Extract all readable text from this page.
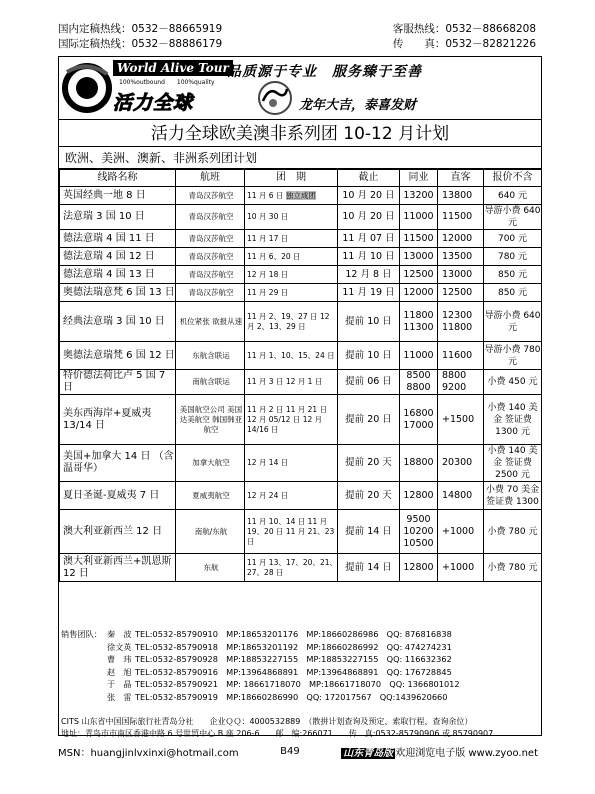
国内定稿热线：0532－88665919	客服热线：0532－88668208
国际定稿热线：0532－88886179	传　　真：0532－82821226
World Alive Tour
100%outbound　　100%quality
活力全球
品质源于专业　服务臻于至善
龙年大吉，泰喜发财
活力全球欧美澳非系列团 10-12 月计划
欧洲、美洲、澳新、非洲系列团计划
线路名称	航班	团　期	截止	同业	直客	报价不含
英国经典一地 8 日	青岛汉莎航空	11 月 6 日 独立成团	10 月 20 日	13200	13800	640 元
法意瑞 3 国 10 日	青岛汉莎航空	10 月 30 日	10 月 20 日	11000	11500	导游小费 640 元
德法意瑞 4 国 11 日	青岛汉莎航空	11 月 17 日	11 月 07 日	11500	12000	700 元
德法意瑞 4 国 12 日	青岛汉莎航空	11 月 6、20 日	11 月 10 日	13000	13500	780 元
德法意瑞 4 国 13 日	青岛汉莎航空	12 月 18 日	12 月 8 日	12500	13000	850 元
奥德法瑞意梵 6 国 13 日	青岛汉莎航空	11 月 29 日	11 月 19 日	12000	12500	850 元
经典法意瑞 3 国 10 日	机位紧张 欲报从速	11 月 2、19、27 日 12 月 2、13、29 日	提前 10 日	11800 11300	12300 11800	导游小费 640 元
奥德法意瑞梵 6 国 12 日	东航含联运	11 月 1、10、15、24 日	提前 10 日	11000	11600	导游小费 780 元
特价德法荷比卢 5 国 7 日	南航含联运	11 月 3 日 12 月 1 日	提前 06 日	8500 8800	8800 9200	小费 450 元
美东西海岸+夏威夷 13/14 日	美国航空公司 美国达美航空 韩国韩亚航空	11 月 2 日 11 月 21 日 12 月 05/12 日 12 月 14/16 日	提前 20 日	16800 17000	+1500	小费 140 美金 签证费 1300 元
美国+加拿大 14 日 （含温哥华）	加拿大航空	12 月 14 日	提前 20 天	18800	20300	小费 140 美金 签证费 2500 元
夏日圣诞-夏威夷 7 日	夏威夷航空	12 月 24 日	提前 20 天	12800	14800	小费 70 美金 签证费 1300
澳大利亚新西兰 12 日	南航/东航	11 月 10、14 日 11 月 19、20 日 11 月 21、23 日	提前 14 日	9500 10200 10500	+1000	小费 780 元
澳大利亚新西兰+凯恩斯 12 日	东航	11 月 13、17、20、21、27、28 日	提前 14 日	12800	+1000	小费 780 元
销售团队： 秦　波 TEL:0532-85790910　MP:18653201176　MP:18660286986　QQ: 876816838
徐文英 TEL:0532-85790918　MP:18653201192　MP:18660286992　QQ: 474274231
曹　玮 TEL:0532-85790928　MP:18853227155　MP:18853227155　QQ: 116632362
赵　旭 TEL:0532-85790916　MP:13964868891　MP:13964868891　QQ: 176728845
于　晶 TEL:0532-85790921　MP: 18661718070　MP:18661718070　QQ: 1366801012
张　雷 TEL:0532-85790919　MP:18660286990　QQ: 172017567　QQ:1439620660
CITS 山东省中国国际旅行社青岛分社　　企业ＱＱ：4000532889　（散拼计划查询及预定、索取行程、查询余位）
地址：青岛市市南区香港中路 6 号世贸中心 B 座 206-6　　邮　编:266071　　传　真:0532-85790906 或 85790907
MSN：huangjinlvxinxi@hotmail.com	B49	山东青岛版 欢迎浏览电子版 www.zyoo.net
